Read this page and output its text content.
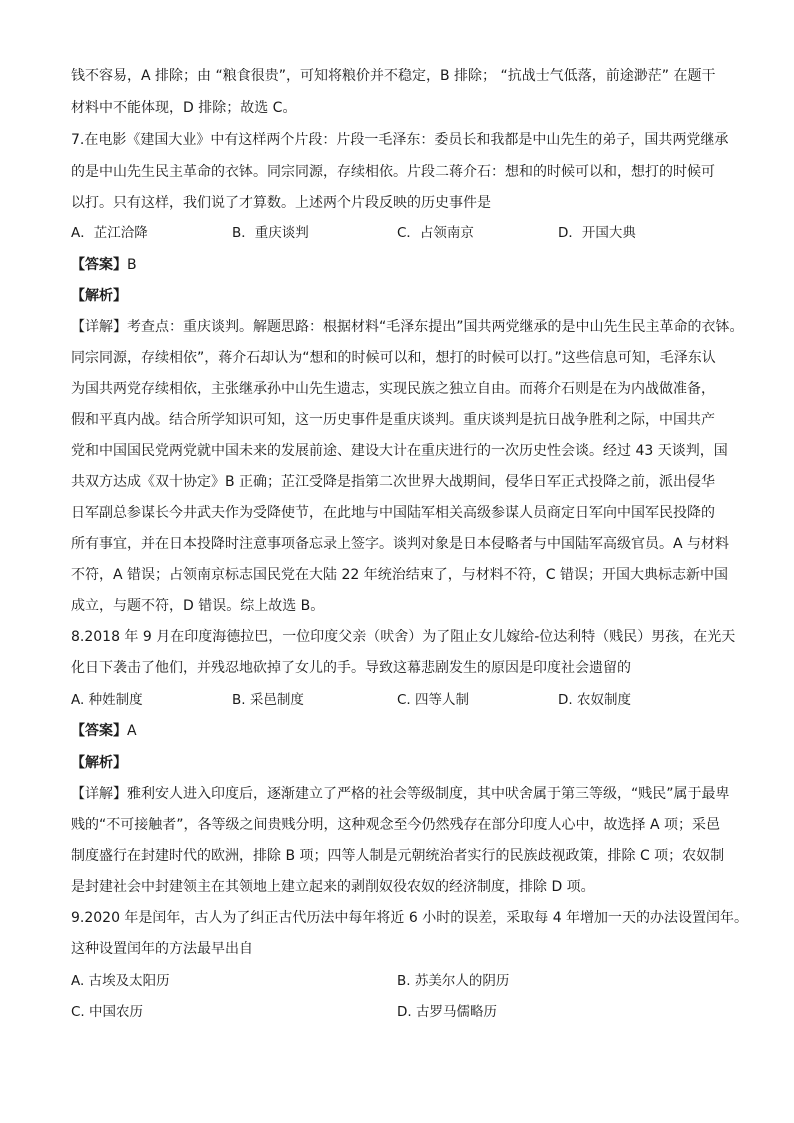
钱不容易，A 排除；由 “粮食很贵”，可知将粮价并不稳定，B 排除； “抗战士气低落，前途渺茫” 在题干
材料中不能体现，D 排除；故选 C。
7.在电影《建国大业》中有这样两个片段：片段一毛泽东：委员长和我都是中山先生的弟子，国共两党继承
的是中山先生民主革命的衣钵。同宗同源，存续相依。片段二蒋介石：想和的时候可以和，想打的时候可
以打。只有这样，我们说了才算数。上述两个片段反映的历史事件是
A．芷江洽降	B．重庆谈判	C．占领南京	D．开国大典
【答案】B
【解析】
【详解】考查点：重庆谈判。解题思路：根据材料“毛泽东提出”国共两党继承的是中山先生民主革命的衣钵。
同宗同源，存续相依”，蒋介石却认为“想和的时候可以和，想打的时候可以打。”这些信息可知，毛泽东认
为国共两党存续相依，主张继承孙中山先生遗志，实现民族之独立自由。而蒋介石则是在为内战做准备，
假和平真内战。结合所学知识可知，这一历史事件是重庆谈判。重庆谈判是抗日战争胜利之际，中国共产
党和中国国民党两党就中国未来的发展前途、建设大计在重庆进行的一次历史性会谈。经过 43 天谈判，国
共双方达成《双十协定》B 正确；芷江受降是指第二次世界大战期间，侵华日军正式投降之前，派出侵华
日军副总参谋长今井武夫作为受降使节，在此地与中国陆军相关高级参谋人员商定日军向中国军民投降的
所有事宜，并在日本投降时注意事项备忘录上签字。谈判对象是日本侵略者与中国陆军高级官员。A 与材料
不符，A 错误；占领南京标志国民党在大陆 22 年统治结束了，与材料不符，C 错误；开国大典标志新中国
成立，与题不符，D 错误。综上故选 B。
8.2018 年 9 月在印度海德拉巴，一位印度父亲（吠舍）为了阻止女儿嫁给-位达利特（贱民）男孩，在光天
化日下袭击了他们，并残忍地砍掉了女儿的手。导致这幕悲剧发生的原因是印度社会遗留的
A. 种姓制度	B. 采邑制度	C. 四等人制	D. 农奴制度
【答案】A
【解析】
【详解】雅利安人进入印度后，逐渐建立了严格的社会等级制度，其中吠舍属于第三等级，“贱民”属于最卑
贱的“不可接触者”，各等级之间贵贱分明，这种观念至今仍然残存在部分印度人心中，故选择 A 项；采邑
制度盛行在封建时代的欧洲，排除 B 项；四等人制是元朝统治者实行的民族歧视政策，排除 C 项；农奴制
是封建社会中封建领主在其领地上建立起来的剥削奴役农奴的经济制度，排除 D 项。
9.2020 年是闰年，古人为了纠正古代历法中每年将近 6 小时的误差，采取每 4 年增加一天的办法设置闰年。
这种设置闰年的方法最早出自
A. 古埃及太阳历	B. 苏美尔人的阴历
C. 中国农历	D. 古罗马儒略历
